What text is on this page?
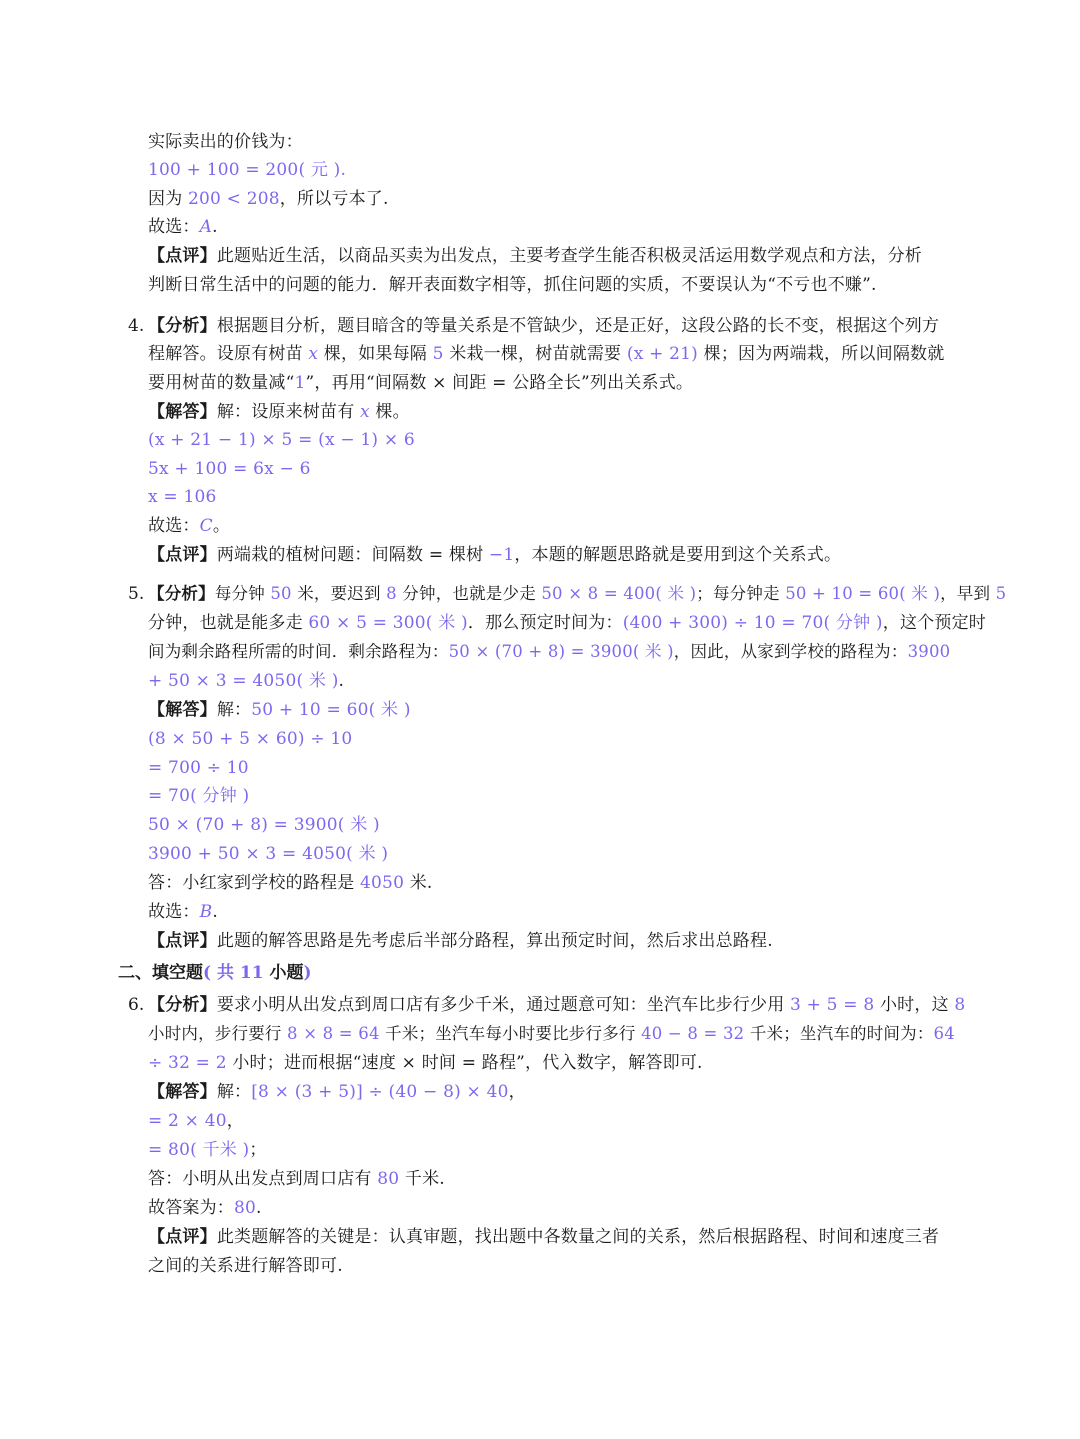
实际卖出的价钱为：
100 + 100 = 200( 元 ).
因为 200 < 208，所以亏本了.
故选：A.
【点评】此题贴近生活，以商品买卖为出发点，主要考查学生能否积极灵活运用数学观点和方法，分析
判断日常生活中的问题的能力．解开表面数字相等，抓住问题的实质，不要误认为“不亏也不赚”.
4. 【分析】根据题目分析，题目暗含的等量关系是不管缺少，还是正好，这段公路的长不变，根据这个列方
程解答。设原有树苗 x 棵，如果每隔 5 米栽一棵，树苗就需要 (x + 21) 棵；因为两端栽，所以间隔数就
要用树苗的数量减“1”，再用“间隔数 × 间距 = 公路全长”列出关系式。
【解答】解：设原来树苗有 x 棵。
(x + 21 − 1) × 5 = (x − 1) × 6
5x + 100 = 6x − 6
x = 106
故选：C。
【点评】两端栽的植树问题：间隔数 = 棵树 −1，本题的解题思路就是要用到这个关系式。
5. 【分析】每分钟 50 米，要迟到 8 分钟，也就是少走 50 × 8 = 400( 米 )；每分钟走 50 + 10 = 60( 米 )，早到 5
分钟，也就是能多走 60 × 5 = 300( 米 )．那么预定时间为：(400 + 300) ÷ 10 = 70( 分钟 )，这个预定时
间为剩余路程所需的时间．剩余路程为：50 × (70 + 8) = 3900( 米 )，因此，从家到学校的路程为：3900
+ 50 × 3 = 4050( 米 ).
【解答】解：50 + 10 = 60( 米 )
(8 × 50 + 5 × 60) ÷ 10
= 700 ÷ 10
= 70( 分钟 )
50 × (70 + 8) = 3900( 米 )
3900 + 50 × 3 = 4050( 米 )
答：小红家到学校的路程是 4050 米.
故选：B.
【点评】此题的解答思路是先考虑后半部分路程，算出预定时间，然后求出总路程.
二、填空题( 共 11 小题)
6. 【分析】要求小明从出发点到周口店有多少千米，通过题意可知：坐汽车比步行少用 3 + 5 = 8 小时，这 8
小时内，步行要行 8 × 8 = 64 千米；坐汽车每小时要比步行多行 40 − 8 = 32 千米；坐汽车的时间为：64
÷ 32 = 2 小时；进而根据“速度 × 时间 = 路程”，代入数字，解答即可.
【解答】解：[8 × (3 + 5)] ÷ (40 − 8) × 40，
= 2 × 40，
= 80( 千米 )；
答：小明从出发点到周口店有 80 千米.
故答案为：80.
【点评】此类题解答的关键是：认真审题，找出题中各数量之间的关系，然后根据路程、时间和速度三者
之间的关系进行解答即可.
